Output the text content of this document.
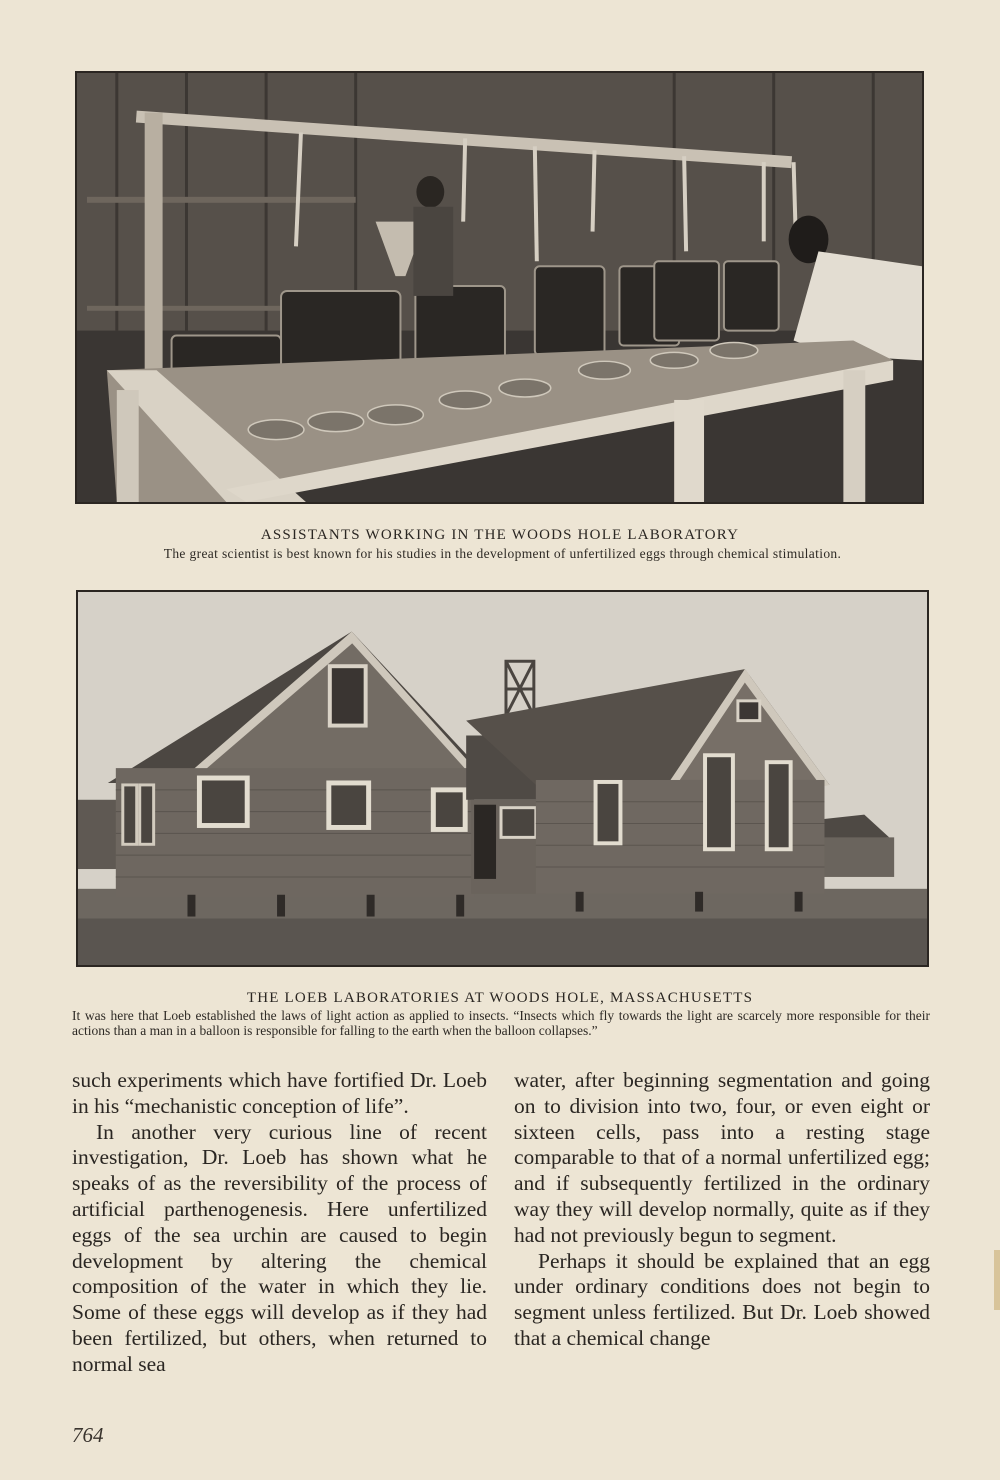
ASSISTANTS WORKING IN THE WOODS HOLE LABORATORY
The great scientist is best known for his studies in the development of unfertilized eggs through chemical stimulation.
THE LOEB LABORATORIES AT WOODS HOLE, MASSACHUSETTS
It was here that Loeb established the laws of light action as applied to insects. “Insects which fly towards the light are scarcely more responsible for their actions than a man in a balloon is responsible for falling to the earth when the balloon collapses.”

such experiments which have fortified Dr. Loeb in his “mechanistic conception of life”.

In another very curious line of recent investigation, Dr. Loeb has shown what he speaks of as the reversibility of the process of artificial parthenogenesis. Here unfertilized eggs of the sea urchin are caused to begin development by altering the chemical composition of the water in which they lie. Some of these eggs will develop as if they had been fertilized, but others, when returned to normal sea

water, after beginning segmentation and going on to division into two, four, or even eight or sixteen cells, pass into a resting stage comparable to that of a normal unfertilized egg; and if subsequently fertilized in the ordinary way they will develop normally, quite as if they had not previously begun to segment.

Perhaps it should be explained that an egg under ordinary conditions does not begin to segment unless fertilized. But Dr. Loeb showed that a chemical change

764
